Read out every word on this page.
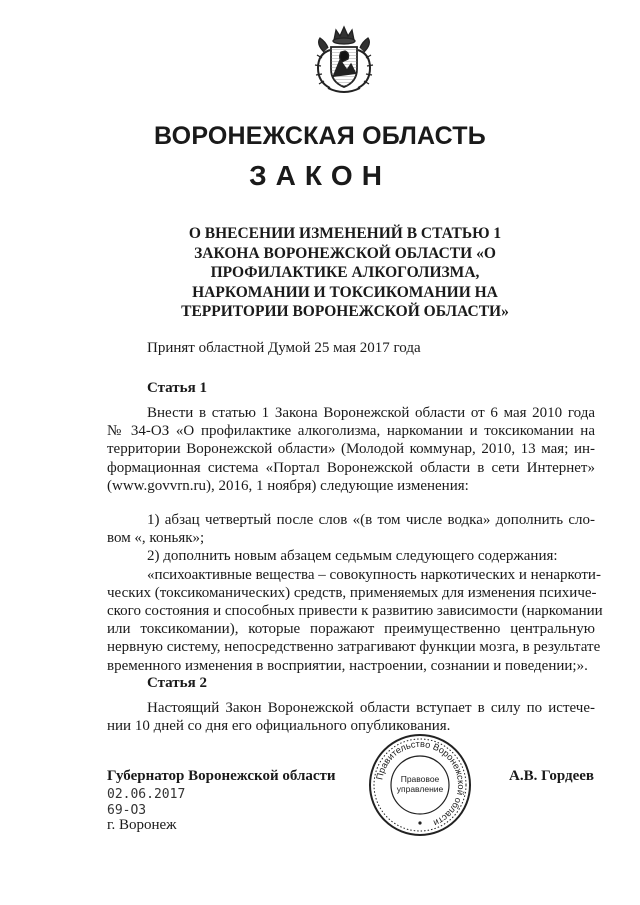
ВОРОНЕЖСКАЯ ОБЛАСТЬ
ЗАКОН
О ВНЕСЕНИИ ИЗМЕНЕНИЙ В СТАТЬЮ 1
ЗАКОНА ВОРОНЕЖСКОЙ ОБЛАСТИ «О
ПРОФИЛАКТИКЕ АЛКОГОЛИЗМА,
НАРКОМАНИИ И ТОКСИКОМАНИИ НА
ТЕРРИТОРИИ ВОРОНЕЖСКОЙ ОБЛАСТИ»
Принят областной Думой 25 мая 2017 года
Статья 1
Внести в статью 1 Закона Воронежской области от 6 мая 2010 года
№ 34-ОЗ «О профилактике алкоголизма, наркомании и токсикомании на
территории Воронежской области» (Молодой коммунар, 2010, 13 мая; ин-
формационная система «Портал Воронежской области в сети Интернет»
(www.govvrn.ru), 2016, 1 ноября) следующие изменения:
1) абзац четвертый после слов «(в том числе водка» дополнить сло-
вом «, коньяк»;
2) дополнить новым абзацем седьмым следующего содержания:
«психоактивные вещества – совокупность наркотических и ненаркоти-
ческих (токсикоманических) средств, применяемых для изменения психиче-
ского состояния и способных привести к развитию зависимости (наркомании
или токсикомании), которые поражают преимущественно центральную
нервную систему, непосредственно затрагивают функции мозга, в результате
временного изменения в восприятии, настроении, сознании и поведении;».
Статья 2
Настоящий Закон Воронежской области вступает в силу по истече-
нии 10 дней со дня его официального опубликования.
Правительство Воронежской области
Правовое
управление
Губернатор Воронежской области	А.В. Гордеев
02.06.2017
69-ОЗ
г. Воронеж
